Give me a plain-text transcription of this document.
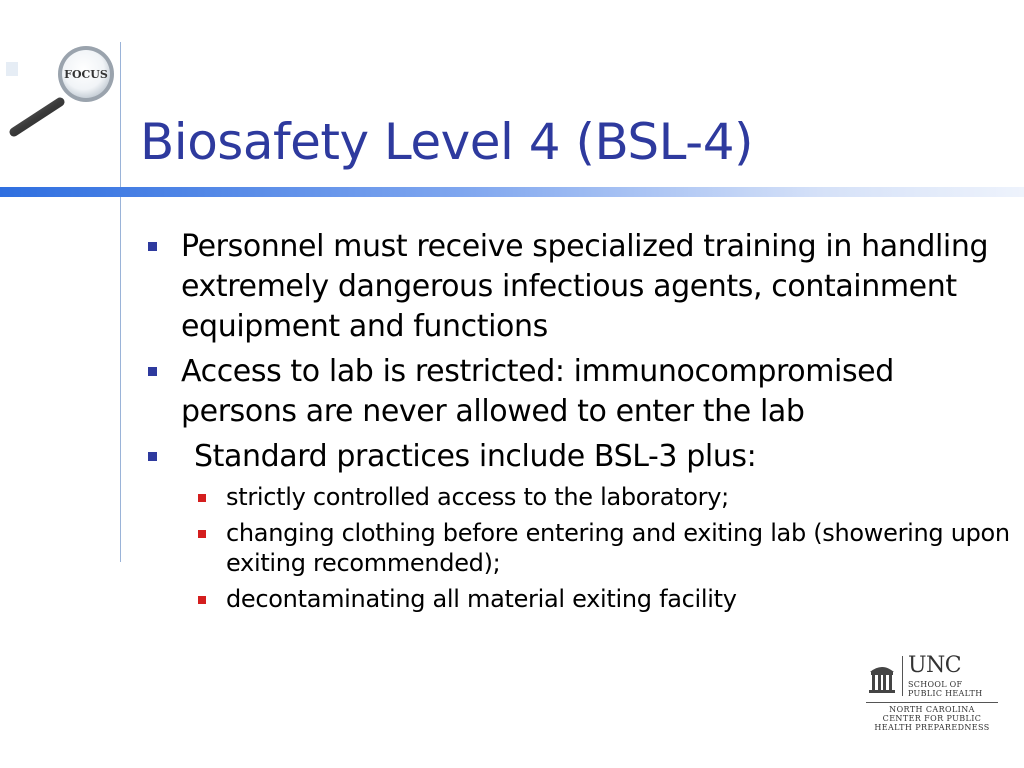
FOCUS
Biosafety Level 4 (BSL-4)
Personnel must receive specialized training in handling extremely dangerous infectious agents, containment equipment and functions
Access to lab is restricted: immunocompromised persons are never allowed to enter the lab
Standard practices include BSL-3 plus:
strictly controlled access to the laboratory;
changing clothing before entering and exiting lab (showering upon exiting recommended);
decontaminating all material exiting facility
UNC
SCHOOL OF
PUBLIC HEALTH
NORTH CAROLINA
CENTER FOR PUBLIC
HEALTH PREPAREDNESS
